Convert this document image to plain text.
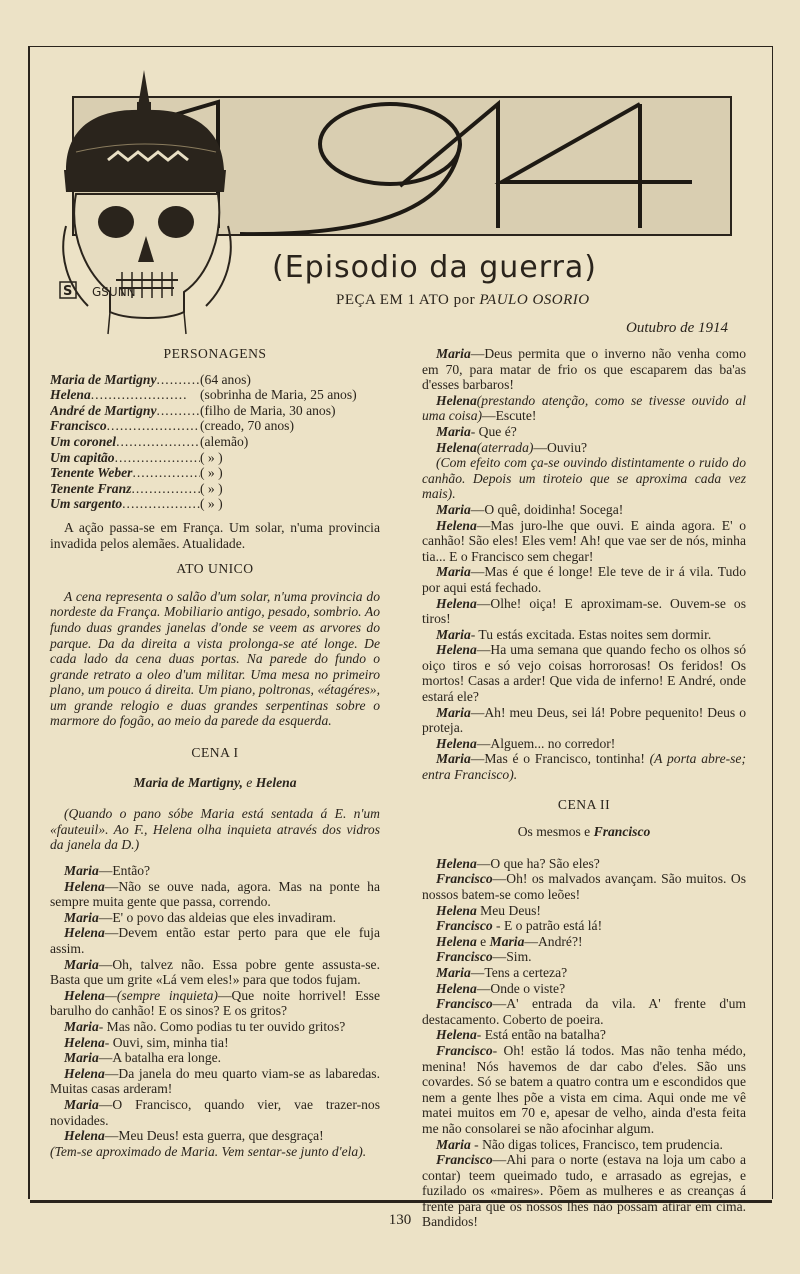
S GSUNN
(Episodio da guerra)
PEÇA EM 1 ATO por PAULO OSORIO
Outubro de 1914

PERSONAGENS

Maria de Martigny .....	(64 anos)
Helena .....	(sobrinha de Maria, 25 anos)
André de Martigny .....	(filho de Maria, 30 anos)
Francisco .....	(creado, 70 anos)
Um coronel .....	(alemão)
Um capitão .....	( » )
Tenente Weber .....	( » )
Tenente Franz .....	( » )
Um sargento .....	( » )

A ação passa-se em França. Um solar, n'uma provincia invadida pelos alemães. Atualidade.

ATO UNICO

A cena representa o salão d'um solar, n'uma provincia do nordeste da França. Mobiliario antigo, pesado, sombrio. Ao fundo duas grandes janelas d'onde se veem as arvores do parque. Da da direita a vista prolonga-se até longe. De cada lado da cena duas portas. Na parede do fundo o grande retrato a oleo d'um militar. Uma mesa no primeiro plano, um pouco á direita. Um piano, poltronas, «étagéres», um grande relogio e duas grandes serpentinas sobre o marmore do fogão, ao meio da parede da esquerda.

CENA I

Maria de Martigny, e Helena

(Quando o pano sóbe Maria está sentada á E. n'um «fauteuil». Ao F., Helena olha inquieta através dos vidros da janela da D.)

Maria—Então?

Helena—Não se ouve nada, agora. Mas na ponte ha sempre muita gente que passa, correndo.

Maria—E' o povo das aldeias que eles invadiram.

Helena—Devem então estar perto para que ele fuja assim.

Maria—Oh, talvez não. Essa pobre gente assusta-se. Basta que um grite «Lá vem eles!» para que todos fujam.

Helena—(sempre inquieta)—Que noite horrivel! Esse barulho do canhão! E os sinos? E os gritos?

Maria- Mas não. Como podias tu ter ouvido gritos?

Helena- Ouvi, sim, minha tia!

Maria—A batalha era longe.

Helena—Da janela do meu quarto viam-se as labaredas. Muitas casas arderam!

Maria—O Francisco, quando vier, vae trazer-nos novidades.

Helena—Meu Deus! esta guerra, que desgraça!

(Tem-se aproximado de Maria. Vem sentar-se junto d'ela).

Maria—Deus permita que o inverno não venha como em 70, para matar de frio os que escaparem das ba'as d'esses barbaros!

Helena(prestando atenção, como se tivesse ouvido al uma coisa)—Escute!

Maria- Que é?

Helena(aterrada)—Ouviu?

(Com efeito com ça-se ouvindo distintamente o ruido do canhão. Depois um tiroteio que se aproxima cada vez mais).

Maria—O quê, doidinha! Socega!

Helena—Mas juro-lhe que ouvi. E ainda agora. E' o canhão! São eles! Eles vem! Ah! que vae ser de nós, minha tia... E o Francisco sem chegar!

Maria—Mas é que é longe! Ele teve de ir á vila. Tudo por aqui está fechado.

Helena—Olhe! oiça! E aproximam-se. Ouvem-se os tiros!

Maria- Tu estás excitada. Estas noites sem dormir.

Helena—Ha uma semana que quando fecho os olhos só oiço tiros e só vejo coisas horrorosas! Os feridos! Os mortos! Casas a arder! Que vida de inferno! E André, onde estará ele?

Maria—Ah! meu Deus, sei lá! Pobre pequenito! Deus o proteja.

Helena—Alguem... no corredor!

Maria—Mas é o Francisco, tontinha! (A porta abre-se; entra Francisco).

CENA II

Os mesmos e Francisco

Helena—O que ha? São eles?

Francisco—Oh! os malvados avançam. São muitos. Os nossos batem-se como leões!

Helena Meu Deus!

Francisco - E o patrão está lá!

Helena e Maria—André?!

Francisco—Sim.

Maria—Tens a certeza?

Helena—Onde o viste?

Francisco—A' entrada da vila. A' frente d'um destacamento. Coberto de poeira.

Helena- Está então na batalha?

Francisco- Oh! estão lá todos. Mas não tenha médo, menina! Nós havemos de dar cabo d'eles. São uns covardes. Só se batem a quatro contra um e escondidos que nem a gente lhes põe a vista em cima. Aqui onde me vê matei muitos em 70 e, apesar de velho, ainda d'esta feita me não consolarei se não afocinhar algum.

Maria - Não digas tolices, Francisco, tem prudencia.

Francisco—Ahi para o norte (estava na loja um cabo a contar) teem queimado tudo, e arrasado as egrejas, e fuzilado os «maires». Põem as mulheres e as creanças á frente para que os nossos lhes não possam atirar em cima. Bandidos!

130
